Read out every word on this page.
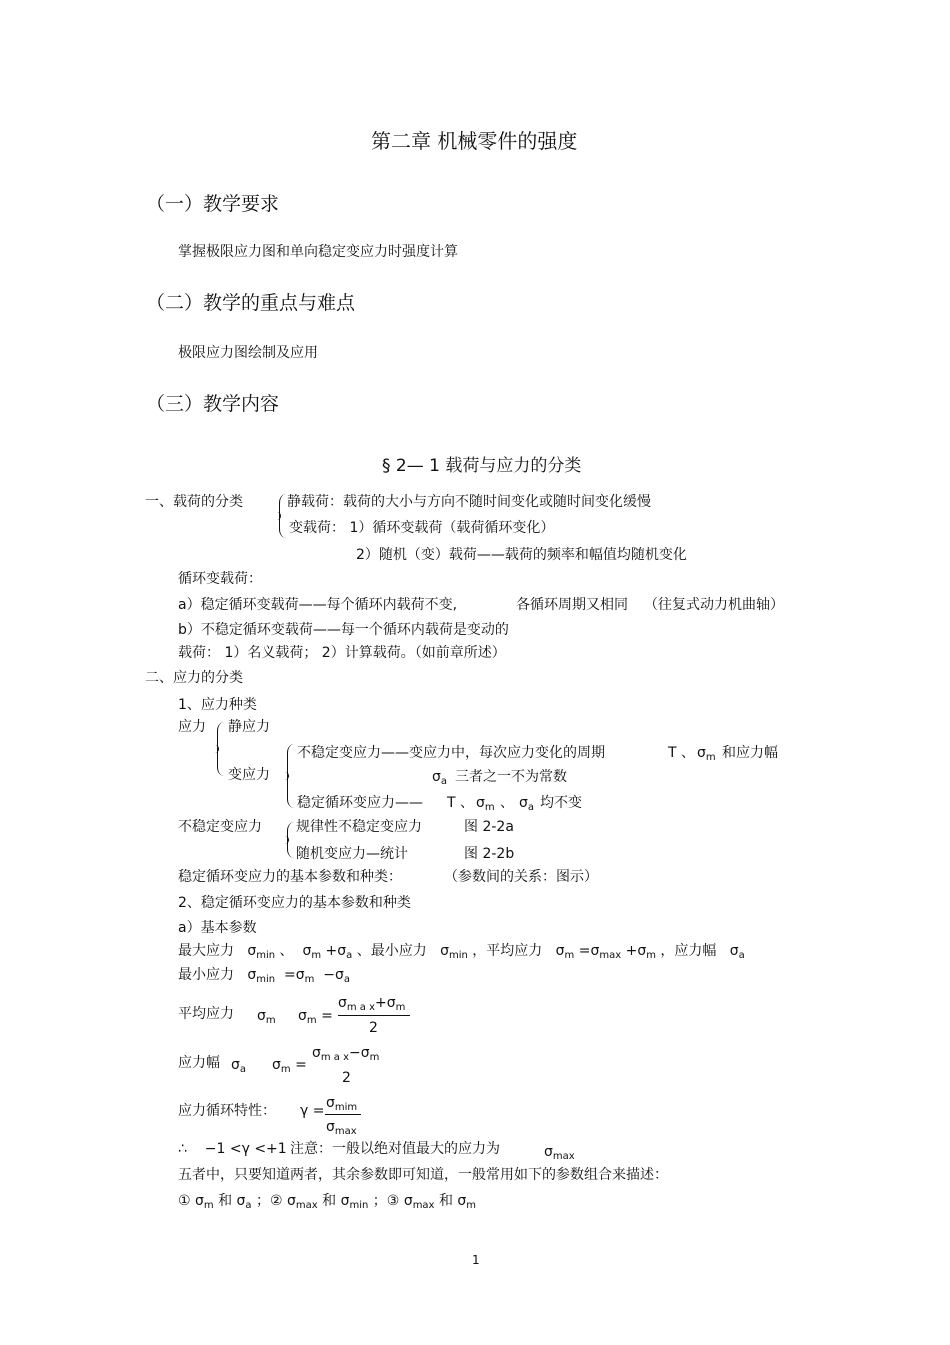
第二章 机械零件的强度
（一）教学要求
掌握极限应力图和单向稳定变应力时强度计算
（二）教学的重点与难点
极限应力图绘制及应用
（三）教学内容
§ 2— 1 载荷与应力的分类
一、载荷的分类	静载荷：载荷的大小与方向不随时间变化或随时间变化缓慢
变载荷： 1）循环变载荷（载荷循环变化）
2）随机（变）载荷——载荷的频率和幅值均随机变化
循环变载荷：
a）稳定循环变载荷——每个循环内载荷不变,	各循环周期又相同 （往复式动力机曲轴）
b）不稳定循环变载荷——每一个循环内载荷是变动的
载荷： 1）名义载荷； 2）计算载荷。（如前章所述）
二、应力的分类
1、应力种类
应力 静应力
变应力
不稳定变应力——变应力中，每次应力变化的周期	T 、 $\sigma_m$ 和应力幅
$\sigma_a$ 三者之一不为常数
稳定循环变应力—— T 、 $\sigma_m$ 、 $\sigma_a$ 均不变
不稳定变应力 规律性不稳定变应力	图 2-2a
随机变应力—统计	图 2-2b
稳定循环变应力的基本参数和种类：	（参数间的关系：图示）
2、稳定循环变应力的基本参数和种类
a）基本参数
最大应力 $\sigma_{min}$ 、 $\sigma_m +\sigma_a$ 、最小应力 $\sigma_{min}$ ，平均应力 $\sigma_m =\sigma_{max} +\sigma_m$ ，应力幅 $\sigma_a$
最小应力 $\sigma_{min} =\sigma_m -\sigma_a$
平均应力 $\sigma_m$ $\sigma_m$ =
$\sigma_{m a x}+\sigma_m$
2
应力幅 $\sigma_a$ $\sigma_m$ =
$\sigma_{m a x}-\sigma_m$
2
应力循环特性： $\gamma = \sigma_{mim}$
$\sigma_{max}$
∴ −1 <γ <+1 注意：一般以绝对值最大的应力为	$\sigma_{max}$
五者中，只要知道两者，其余参数即可知道，一般常用如下的参数组合来描述：
① $\sigma_m$ 和 $\sigma_a$ ；② $\sigma_{max}$ 和 $\sigma_{min}$ ；③ $\sigma_{max}$ 和 $\sigma_m$
1
